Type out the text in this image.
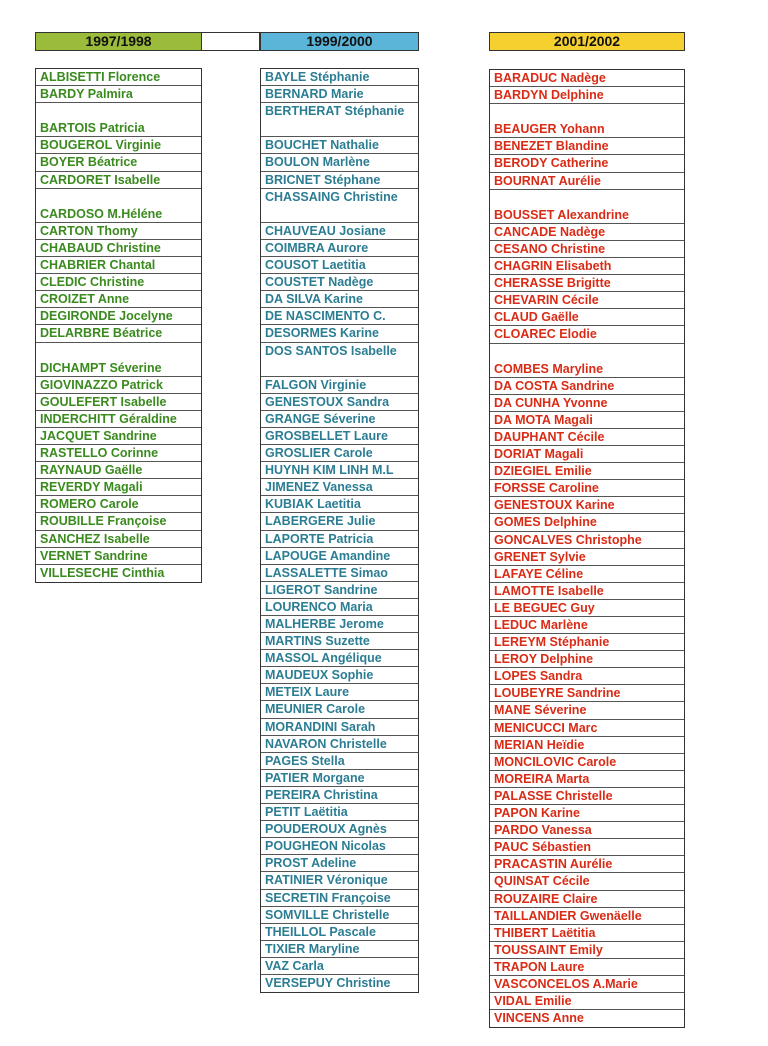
1997/1998	1999/2000	2001/2002
ALBISETTI Florence
BARDY Palmira
BARTOIS Patricia
BOUGEROL Virginie
BOYER Béatrice
CARDORET Isabelle
CARDOSO M.Héléne
CARTON Thomy
CHABAUD Christine
CHABRIER Chantal
CLEDIC Christine
CROIZET Anne
DEGIRONDE Jocelyne
DELARBRE Béatrice
DICHAMPT Séverine
GIOVINAZZO Patrick
GOULEFERT Isabelle
INDERCHITT Géraldine
JACQUET Sandrine
RASTELLO Corinne
RAYNAUD Gaëlle
REVERDY Magali
ROMERO Carole
ROUBILLE Françoise
SANCHEZ Isabelle
VERNET Sandrine
VILLESECHE Cinthia
BAYLE Stéphanie
BERNARD Marie
BERTHERAT Stéphanie
BOUCHET Nathalie
BOULON Marlène
BRICNET Stéphane
CHASSAING Christine
CHAUVEAU Josiane
COIMBRA Aurore
COUSOT Laetitia
COUSTET Nadège
DA SILVA Karine
DE NASCIMENTO C.
DESORMES Karine
DOS SANTOS Isabelle
FALGON Virginie
GENESTOUX Sandra
GRANGE Séverine
GROSBELLET Laure
GROSLIER Carole
HUYNH KIM LINH M.L
JIMENEZ Vanessa
KUBIAK Laetitia
LABERGERE Julie
LAPORTE Patricia
LAPOUGE Amandine
LASSALETTE Simao
LIGEROT Sandrine
LOURENCO Maria
MALHERBE Jerome
MARTINS Suzette
MASSOL Angélique
MAUDEUX Sophie
METEIX Laure
MEUNIER Carole
MORANDINI Sarah
NAVARON Christelle
PAGES Stella
PATIER Morgane
PEREIRA Christina
PETIT Laëtitia
POUDEROUX Agnès
POUGHEON Nicolas
PROST Adeline
RATINIER Véronique
SECRETIN Françoise
SOMVILLE Christelle
THEILLOL Pascale
TIXIER Maryline
VAZ Carla
VERSEPUY Christine
BARADUC Nadège
BARDYN Delphine
BEAUGER Yohann
BENEZET Blandine
BERODY Catherine
BOURNAT Aurélie
BOUSSET Alexandrine
CANCADE Nadège
CESANO Christine
CHAGRIN Elisabeth
CHERASSE Brigitte
CHEVARIN Cécile
CLAUD Gaëlle
CLOAREC Elodie
COMBES Maryline
DA COSTA Sandrine
DA CUNHA Yvonne
DA MOTA Magali
DAUPHANT Cécile
DORIAT Magali
DZIEGIEL Emilie
FORSSE Caroline
GENESTOUX Karine
GOMES Delphine
GONCALVES Christophe
GRENET Sylvie
LAFAYE Céline
LAMOTTE Isabelle
LE BEGUEC Guy
LEDUC Marlène
LEREYM Stéphanie
LEROY Delphine
LOPES Sandra
LOUBEYRE Sandrine
MANE Séverine
MENICUCCI Marc
MERIAN Heïdie
MONCILOVIC Carole
MOREIRA Marta
PALASSE Christelle
PAPON Karine
PARDO Vanessa
PAUC Sébastien
PRACASTIN Aurélie
QUINSAT Cécile
ROUZAIRE Claire
TAILLANDIER Gwenäelle
THIBERT Laëtitia
TOUSSAINT Emily
TRAPON Laure
VASCONCELOS A.Marie
VIDAL Emilie
VINCENS Anne
